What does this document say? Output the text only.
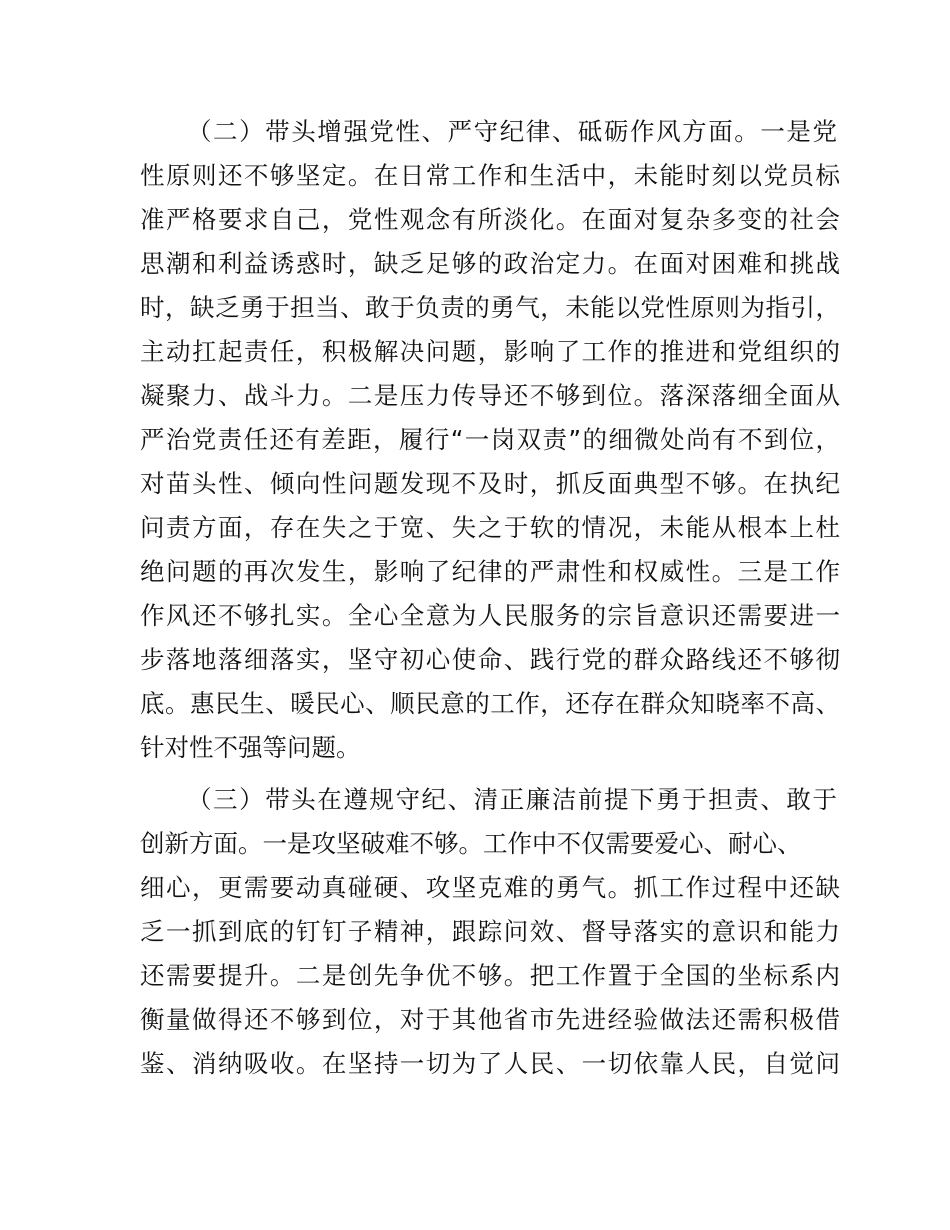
（二）带头增强党性、严守纪律、砥砺作风方面。一是党
性原则还不够坚定。在日常工作和生活中，未能时刻以党员标
准严格要求自己，党性观念有所淡化。在面对复杂多变的社会
思潮和利益诱惑时，缺乏足够的政治定力。在面对困难和挑战
时，缺乏勇于担当、敢于负责的勇气，未能以党性原则为指引，
主动扛起责任，积极解决问题，影响了工作的推进和党组织的
凝聚力、战斗力。二是压力传导还不够到位。落深落细全面从
严治党责任还有差距，履行“一岗双责”的细微处尚有不到位，
对苗头性、倾向性问题发现不及时，抓反面典型不够。在执纪
问责方面，存在失之于宽、失之于软的情况，未能从根本上杜
绝问题的再次发生，影响了纪律的严肃性和权威性。三是工作
作风还不够扎实。全心全意为人民服务的宗旨意识还需要进一
步落地落细落实，坚守初心使命、践行党的群众路线还不够彻
底。惠民生、暖民心、顺民意的工作，还存在群众知晓率不高、
针对性不强等问题。
（三）带头在遵规守纪、清正廉洁前提下勇于担责、敢于
创新方面。一是攻坚破难不够。工作中不仅需要爱心、耐心、
细心，更需要动真碰硬、攻坚克难的勇气。抓工作过程中还缺
乏一抓到底的钉钉子精神，跟踪问效、督导落实的意识和能力
还需要提升。二是创先争优不够。把工作置于全国的坐标系内
衡量做得还不够到位，对于其他省市先进经验做法还需积极借
鉴、消纳吸收。在坚持一切为了人民、一切依靠人民，自觉问
